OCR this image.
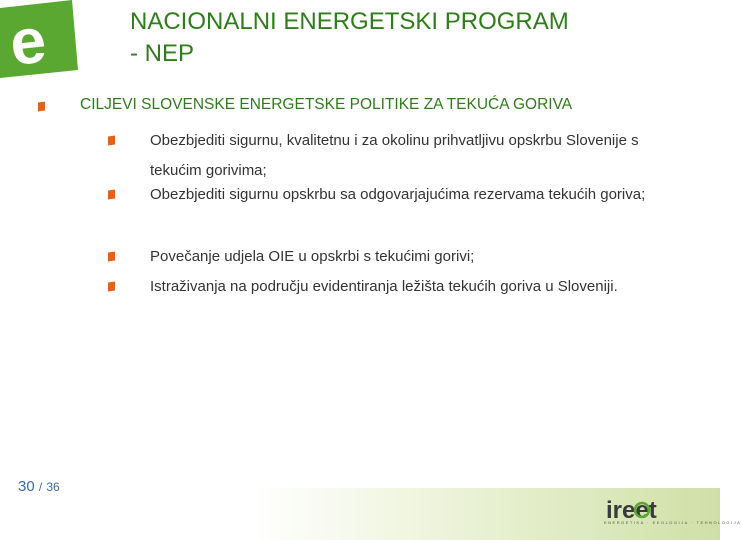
e	NACIONALNI ENERGETSKI PROGRAM
- NEP
CILJEVI SLOVENSKE ENERGETSKE POLITIKE ZA TEKUĆA GORIVA
Obezbjediti sigurnu, kvalitetnu i za okolinu prihvatljivu opskrbu Slovenije s tekućim gorivima;
Obezbjediti sigurnu opskrbu sa odgovarjajućima rezervama tekućih goriva;
Povečanje udjela OIE u opskrbi s tekućimi gorivi;
Istraživanja na području evidentiranja ležišta tekućih goriva u Sloveniji.
30 / 36
ireet
ENERGETIKA · EKOLOGIJA · TEHNOLOGIJA
